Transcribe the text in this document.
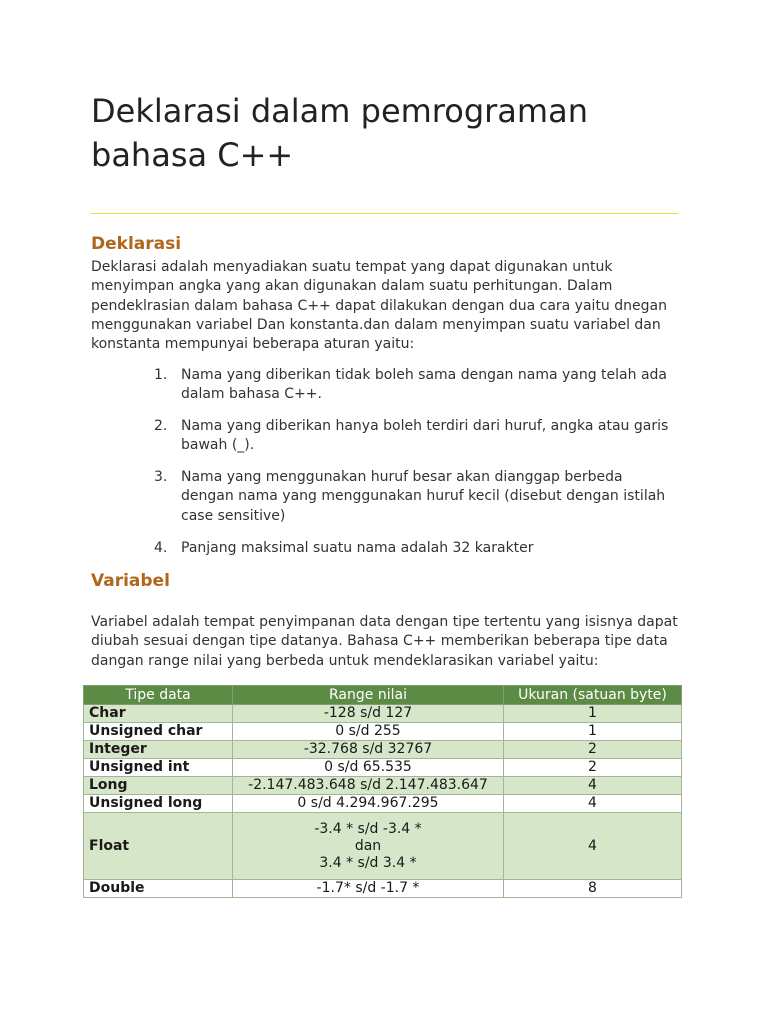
Deklarasi dalam pemrograman bahasa C++
Deklarasi

Deklarasi adalah menyadiakan suatu tempat yang dapat digunakan untuk menyimpan angka yang akan digunakan dalam suatu perhitungan. Dalam pendeklrasian dalam bahasa C++ dapat dilakukan dengan dua cara yaitu dnegan menggunakan variabel Dan konstanta.dan dalam menyimpan suatu variabel dan konstanta mempunyai beberapa aturan yaitu:

1. Nama yang diberikan tidak boleh sama dengan nama yang telah ada dalam bahasa C++.
2. Nama yang diberikan hanya boleh terdiri dari huruf, angka atau garis bawah (_).
3. Nama yang menggunakan huruf besar akan dianggap berbeda dengan nama yang menggunakan huruf kecil (disebut dengan istilah case sensitive)
4. Panjang maksimal suatu nama adalah 32 karakter
Variabel

Variabel adalah tempat penyimpanan data dengan tipe tertentu yang isisnya dapat diubah sesuai dengan tipe datanya. Bahasa C++ memberikan beberapa tipe data dangan range nilai yang berbeda untuk mendeklarasikan variabel yaitu:

Tipe data	Range nilai	Ukuran (satuan byte)
Char	-128 s/d 127	1
Unsigned char	0 s/d 255	1
Integer	-32.768 s/d 32767	2
Unsigned int	0 s/d 65.535	2
Long	-2.147.483.648 s/d 2.147.483.647	4
Unsigned long	0 s/d 4.294.967.295	4
Float	-3.4 * s/d -3.4 *
dan
3.4 * s/d 3.4 *	4
Double	-1.7* s/d -1.7 *	8
